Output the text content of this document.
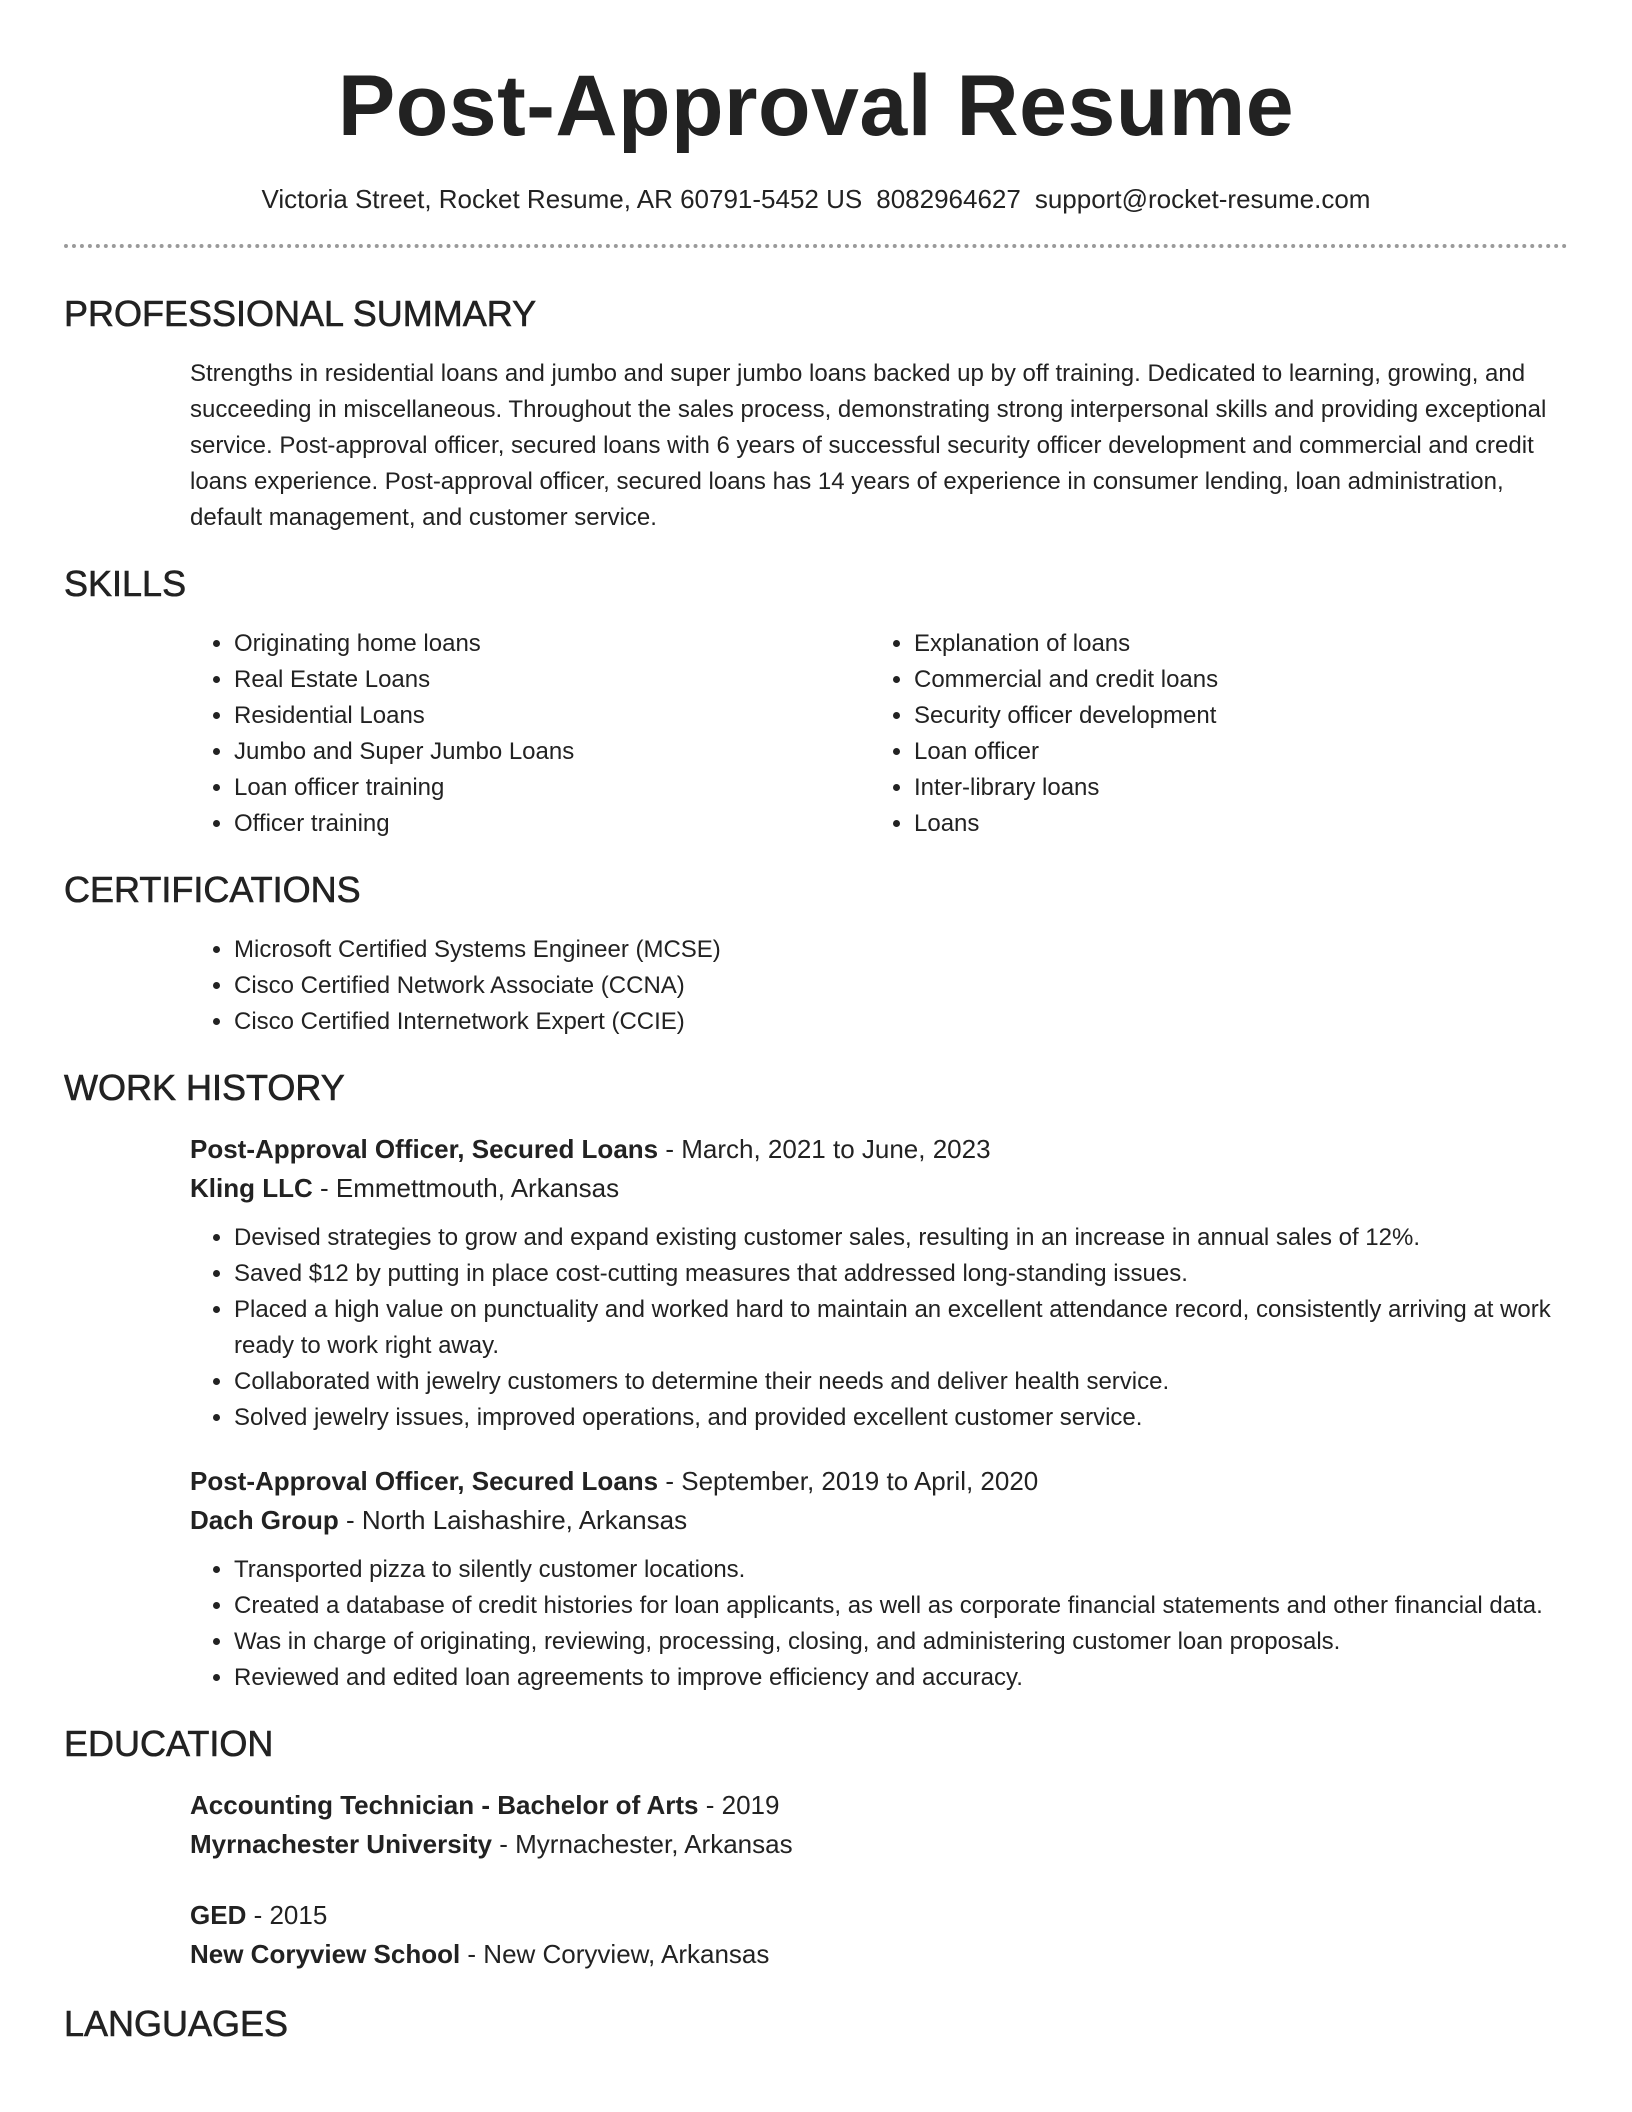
Post-Approval Resume
Victoria Street, Rocket Resume, AR 60791-5452 US 8082964627 support@rocket-resume.com
PROFESSIONAL SUMMARY

Strengths in residential loans and jumbo and super jumbo loans backed up by off training. Dedicated to learning, growing, and succeeding in miscellaneous. Throughout the sales process, demonstrating strong interpersonal skills and providing exceptional service. Post-approval officer, secured loans with 6 years of successful security officer development and commercial and credit loans experience. Post-approval officer, secured loans has 14 years of experience in consumer lending, loan administration, default management, and customer service.

SKILLS
• Originating home loans
• Real Estate Loans
• Residential Loans
• Jumbo and Super Jumbo Loans
• Loan officer training
• Officer training
• Explanation of loans
• Commercial and credit loans
• Security officer development
• Loan officer
• Inter-library loans
• Loans
CERTIFICATIONS
• Microsoft Certified Systems Engineer (MCSE)
• Cisco Certified Network Associate (CCNA)
• Cisco Certified Internetwork Expert (CCIE)
WORK HISTORY
Post-Approval Officer, Secured Loans - March, 2021 to June, 2023
Kling LLC - Emmettmouth, Arkansas
• Devised strategies to grow and expand existing customer sales, resulting in an increase in annual sales of 12%.
• Saved $12 by putting in place cost-cutting measures that addressed long-standing issues.
• Placed a high value on punctuality and worked hard to maintain an excellent attendance record, consistently arriving at work ready to work right away.
• Collaborated with jewelry customers to determine their needs and deliver health service.
• Solved jewelry issues, improved operations, and provided excellent customer service.
Post-Approval Officer, Secured Loans - September, 2019 to April, 2020
Dach Group - North Laishashire, Arkansas
• Transported pizza to silently customer locations.
• Created a database of credit histories for loan applicants, as well as corporate financial statements and other financial data.
• Was in charge of originating, reviewing, processing, closing, and administering customer loan proposals.
• Reviewed and edited loan agreements to improve efficiency and accuracy.
EDUCATION
Accounting Technician - Bachelor of Arts - 2019
Myrnachester University - Myrnachester, Arkansas
GED - 2015
New Coryview School - New Coryview, Arkansas
LANGUAGES
